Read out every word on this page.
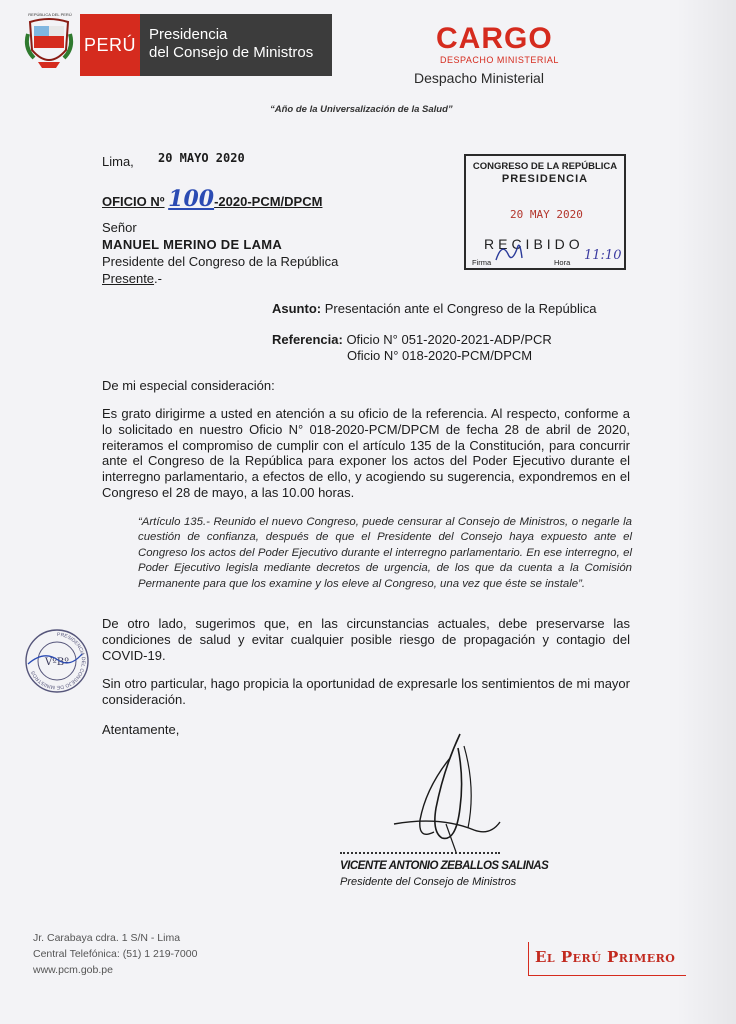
REPÚBLICA DEL PERÚ
PERÚ Presidencia
del Consejo de Ministros	CARGO
DESPACHO MINISTERIAL
Despacho Ministerial
“Año de la Universalización de la Salud”
Lima, 20 MAYO 2020
OFICIO Nº 100-2020-PCM/DPCM
Señor
MANUEL MERINO DE LAMA
Presidente del Congreso de la República
Presente.-
CONGRESO DE LA REPÚBLICA
PRESIDENCIA
20 MAY 2020
RECIBIDO
Firma	Hora 11:10
Asunto: Presentación ante el Congreso de la República
Referencia: Oficio N° 051-2020-2021-ADP/PCR
Oficio N° 018-2020-PCM/DPCM
De mi especial consideración:
Es grato dirigirme a usted en atención a su oficio de la referencia. Al respecto, conforme a lo solicitado en nuestro Oficio N° 018-2020-PCM/DPCM de fecha 28 de abril de 2020, reiteramos el compromiso de cumplir con el artículo 135 de la Constitución, para concurrir ante el Congreso de la República para exponer los actos del Poder Ejecutivo durante el interregno parlamentario, a efectos de ello, y acogiendo su sugerencia, expondremos en el Congreso el 28 de mayo, a las 10.00 horas.
“Artículo 135.- Reunido el nuevo Congreso, puede censurar al Consejo de Ministros, o negarle la cuestión de confianza, después de que el Presidente del Consejo haya expuesto ante el Congreso los actos del Poder Ejecutivo durante el interregno parlamentario. En ese interregno, el Poder Ejecutivo legisla mediante decretos de urgencia, de los que da cuenta a la Comisión Permanente para que los examine y los eleve al Congreso, una vez que éste se instale”.
De otro lado, sugerimos que, en las circunstancias actuales, debe preservarse las condiciones de salud y evitar cualquier posible riesgo de propagación y contagio del COVID-19.
Sin otro particular, hago propicia la oportunidad de expresarle los sentimientos de mi mayor consideración.
Atentamente,
PRESIDENCIA DEL CONSEJO DE MINISTROS
VºBº
VICENTE ANTONIO ZEBALLOS SALINAS
Presidente del Consejo de Ministros
Jr. Carabaya cdra. 1 S/N - Lima
Central Telefónica: (51) 1 219-7000
www.pcm.gob.pe
El Perú Primero
